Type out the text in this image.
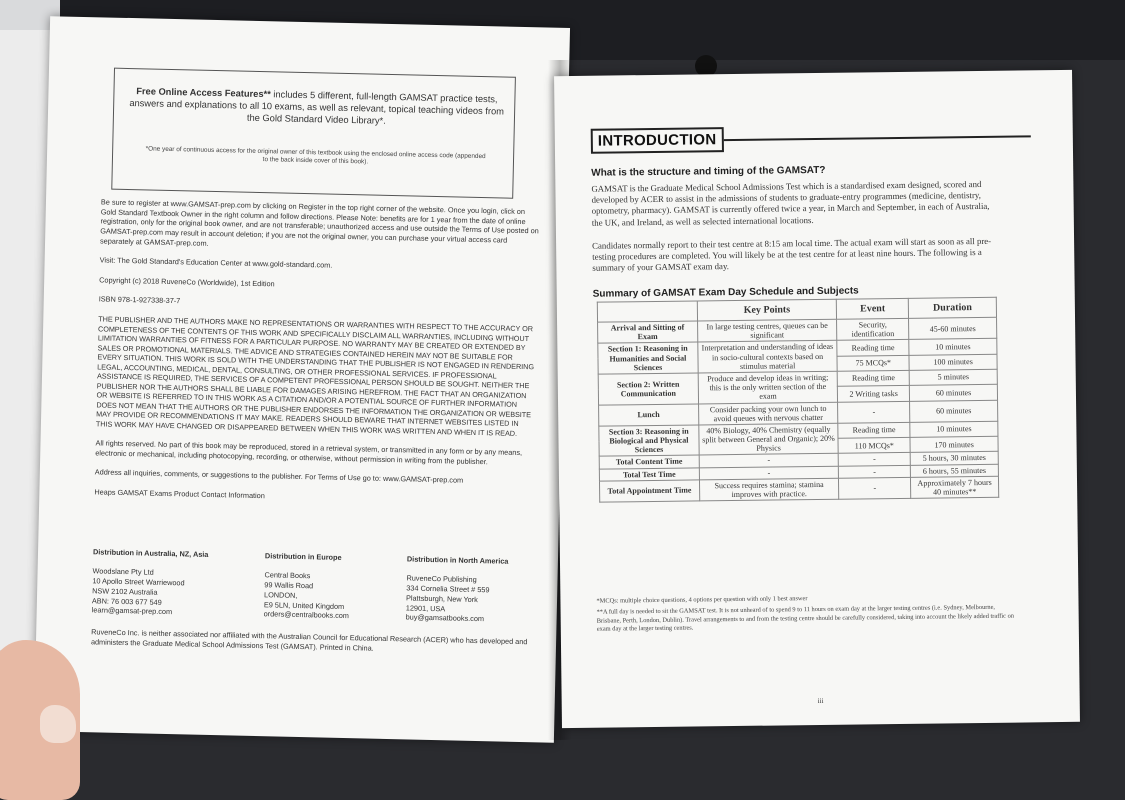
Free Online Access Features** includes 5 different, full-length GAMSAT practice tests, answers and explanations to all 10 exams, as well as relevant, topical teaching videos from the Gold Standard Video Library*.
*One year of continuous access for the original owner of this textbook using the enclosed online access code (appended to the back inside cover of this book).

Be sure to register at www.GAMSAT-prep.com by clicking on Register in the top right corner of the website. Once you login, click on Gold Standard Textbook Owner in the right column and follow directions. Please Note: benefits are for 1 year from the date of online registration, only for the original book owner, and are not transferable; unauthorized access and use outside the Terms of Use posted on GAMSAT-prep.com may result in account deletion; if you are not the original owner, you can purchase your virtual access card separately at GAMSAT-prep.com.

Visit: The Gold Standard's Education Center at www.gold-standard.com.

Copyright (c) 2018 RuveneCo (Worldwide), 1st Edition

ISBN 978-1-927338-37-7

THE PUBLISHER AND THE AUTHORS MAKE NO REPRESENTATIONS OR WARRANTIES WITH RESPECT TO THE ACCURACY OR COMPLETENESS OF THE CONTENTS OF THIS WORK AND SPECIFICALLY DISCLAIM ALL WARRANTIES, INCLUDING WITHOUT LIMITATION WARRANTIES OF FITNESS FOR A PARTICULAR PURPOSE. NO WARRANTY MAY BE CREATED OR EXTENDED BY SALES OR PROMOTIONAL MATERIALS. THE ADVICE AND STRATEGIES CONTAINED HEREIN MAY NOT BE SUITABLE FOR EVERY SITUATION. THIS WORK IS SOLD WITH THE UNDERSTANDING THAT THE PUBLISHER IS NOT ENGAGED IN RENDERING LEGAL, ACCOUNTING, MEDICAL, DENTAL, CONSULTING, OR OTHER PROFESSIONAL SERVICES. IF PROFESSIONAL ASSISTANCE IS REQUIRED, THE SERVICES OF A COMPETENT PROFESSIONAL PERSON SHOULD BE SOUGHT. NEITHER THE PUBLISHER NOR THE AUTHORS SHALL BE LIABLE FOR DAMAGES ARISING HEREFROM. THE FACT THAT AN ORGANIZATION OR WEBSITE IS REFERRED TO IN THIS WORK AS A CITATION AND/OR A POTENTIAL SOURCE OF FURTHER INFORMATION DOES NOT MEAN THAT THE AUTHORS OR THE PUBLISHER ENDORSES THE INFORMATION THE ORGANIZATION OR WEBSITE MAY PROVIDE OR RECOMMENDATIONS IT MAY MAKE. READERS SHOULD BEWARE THAT INTERNET WEBSITES LISTED IN THIS WORK MAY HAVE CHANGED OR DISAPPEARED BETWEEN WHEN THIS WORK WAS WRITTEN AND WHEN IT IS READ.

All rights reserved. No part of this book may be reproduced, stored in a retrieval system, or transmitted in any form or by any means, electronic or mechanical, including photocopying, recording, or otherwise, without permission in writing from the publisher.

Address all inquiries, comments, or suggestions to the publisher. For Terms of Use go to: www.GAMSAT-prep.com

Heaps GAMSAT Exams Product Contact Information

Distribution in Australia, NZ, Asia
Woodslane Pty Ltd
10 Apollo Street Warriewood
NSW 2102 Australia
ABN: 76 003 677 549
learn@gamsat-prep.com
Distribution in Europe
Central Books
99 Wallis Road
LONDON,
E9 5LN, United Kingdom
orders@centralbooks.com
Distribution in North America
RuveneCo Publishing
334 Cornelia Street # 559
Plattsburgh, New York
12901, USA
buy@gamsatbooks.com

RuveneCo Inc. is neither associated nor affiliated with the Australian Council for Educational Research (ACER) who has developed and administers the Graduate Medical School Admissions Test (GAMSAT). Printed in China.

INTRODUCTION
What is the structure and timing of the GAMSAT?
GAMSAT is the Graduate Medical School Admissions Test which is a standardised exam designed, scored and developed by ACER to assist in the admissions of students to graduate-entry programmes (medicine, dentistry, optometry, pharmacy). GAMSAT is currently offered twice a year, in March and September, in each of Australia, the UK, and Ireland, as well as selected international locations.
Candidates normally report to their test centre at 8:15 am local time. The actual exam will start as soon as all pre-testing procedures are completed. You will likely be at the test centre for at least nine hours. The following is a summary of your GAMSAT exam day.
Summary of GAMSAT Exam Day Schedule and Subjects
	Key Points	Event	Duration
Arrival and Sitting of Exam	In large testing centres, queues can be significant	Security, identification	45-60 minutes
Section 1: Reasoning in Humanities and Social Sciences	Interpretation and understanding of ideas in socio-cultural contexts based on stimulus material	Reading time	10 minutes
		75 MCQs*	100 minutes
Section 2: Written Communication	Produce and develop ideas in writing; this is the only written section of the exam	Reading time	5 minutes
		2 Writing tasks	60 minutes
Lunch	Consider packing your own lunch to avoid queues with nervous chatter	-	60 minutes
Section 3: Reasoning in Biological and Physical Sciences	40% Biology, 40% Chemistry (equally split between General and Organic); 20% Physics	Reading time	10 minutes
		110 MCQs*	170 minutes
Total Content Time	-	-	5 hours, 30 minutes
Total Test Time	-	-	6 hours, 55 minutes
Total Appointment Time	Success requires stamina; stamina improves with practice.	-	Approximately 7 hours 40 minutes**
*MCQs: multiple choice questions, 4 options per question with only 1 best answer
**A full day is needed to sit the GAMSAT test. It is not unheard of to spend 9 to 11 hours on exam day at the larger testing centres (i.e. Sydney, Melbourne, Brisbane, Perth, London, Dublin). Travel arrangements to and from the testing centre should be carefully considered, taking into account the likely added traffic on exam day at the larger testing centres.
iii
